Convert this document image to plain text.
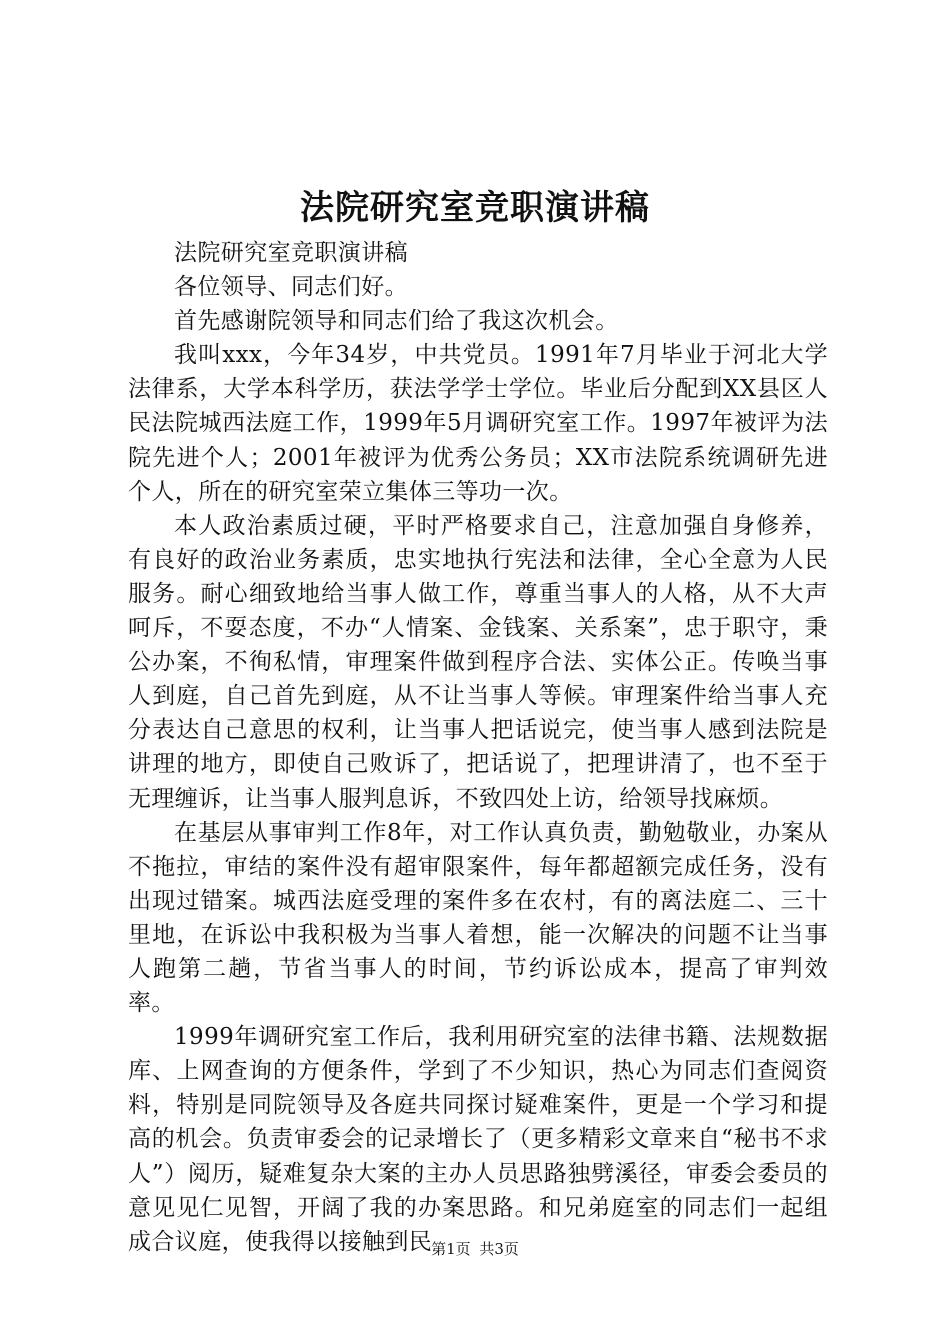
法院研究室竞职演讲稿

法院研究室竞职演讲稿

各位领导、同志们好。

首先感谢院领导和同志们给了我这次机会。

我叫xxx，今年34岁，中共党员。1991年7月毕业于河北大学法律系，大学本科学历，获法学学士学位。毕业后分配到XX县区人民法院城西法庭工作，1999年5月调研究室工作。1997年被评为法院先进个人；2001年被评为优秀公务员；XX市法院系统调研先进个人，所在的研究室荣立集体三等功一次。

本人政治素质过硬，平时严格要求自己，注意加强自身修养，有良好的政治业务素质，忠实地执行宪法和法律，全心全意为人民服务。耐心细致地给当事人做工作，尊重当事人的人格，从不大声呵斥，不耍态度，不办“人情案、金钱案、关系案”，忠于职守，秉公办案，不徇私情，审理案件做到程序合法、实体公正。传唤当事人到庭，自己首先到庭，从不让当事人等候。审理案件给当事人充分表达自己意思的权利，让当事人把话说完，使当事人感到法院是讲理的地方，即使自己败诉了，把话说了，把理讲清了，也不至于无理缠诉，让当事人服判息诉，不致四处上访，给领导找麻烦。

在基层从事审判工作8年，对工作认真负责，勤勉敬业，办案从不拖拉，审结的案件没有超审限案件，每年都超额完成任务，没有出现过错案。城西法庭受理的案件多在农村，有的离法庭二、三十里地，在诉讼中我积极为当事人着想，能一次解决的问题不让当事人跑第二趟，节省当事人的时间，节约诉讼成本，提高了审判效率。

1999年调研究室工作后，我利用研究室的法律书籍、法规数据库、上网查询的方便条件，学到了不少知识，热心为同志们查阅资料，特别是同院领导及各庭共同探讨疑难案件，更是一个学习和提高的机会。负责审委会的记录增长了（更多精彩文章来自“秘书不求人”）阅历，疑难复杂大案的主办人员思路独劈溪径，审委会委员的意见见仁见智，开阔了我的办案思路。和兄弟庭室的同志们一起组成合议庭，使我得以接触到民

第1页 共3页
